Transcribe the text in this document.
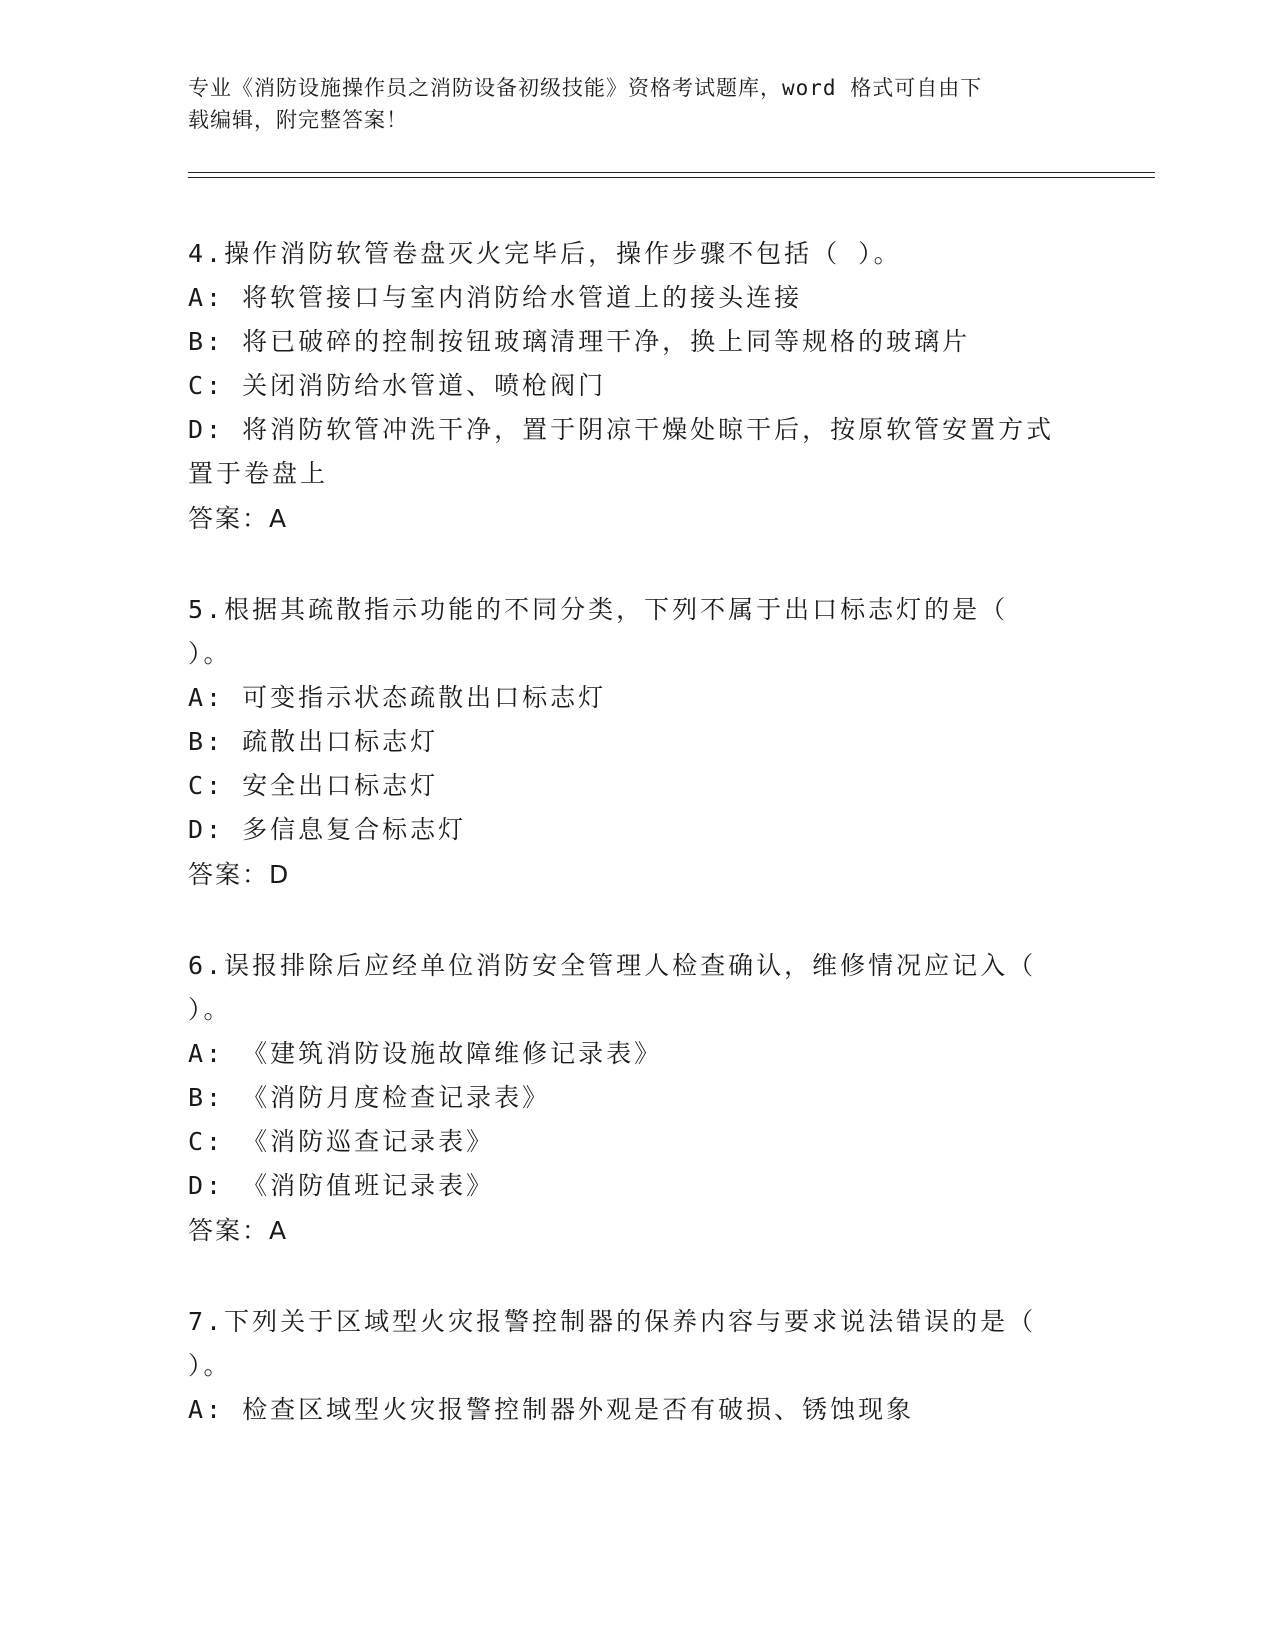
专业《消防设施操作员之消防设备初级技能》资格考试题库，word 格式可自由下
载编辑，附完整答案！
4.操作消防软管卷盘灭火完毕后，操作步骤不包括（ ）。
A: 将软管接口与室内消防给水管道上的接头连接
B: 将已破碎的控制按钮玻璃清理干净，换上同等规格的玻璃片
C: 关闭消防给水管道、喷枪阀门
D: 将消防软管冲洗干净，置于阴凉干燥处晾干后，按原软管安置方式
置于卷盘上
答案：A
5.根据其疏散指示功能的不同分类，下列不属于出口标志灯的是（
）。
A: 可变指示状态疏散出口标志灯
B: 疏散出口标志灯
C: 安全出口标志灯
D: 多信息复合标志灯
答案：D
6.误报排除后应经单位消防安全管理人检查确认，维修情况应记入（
）。
A: 《建筑消防设施故障维修记录表》
B: 《消防月度检查记录表》
C: 《消防巡查记录表》
D: 《消防值班记录表》
答案：A
7.下列关于区域型火灾报警控制器的保养内容与要求说法错误的是（
）。
A: 检查区域型火灾报警控制器外观是否有破损、锈蚀现象
